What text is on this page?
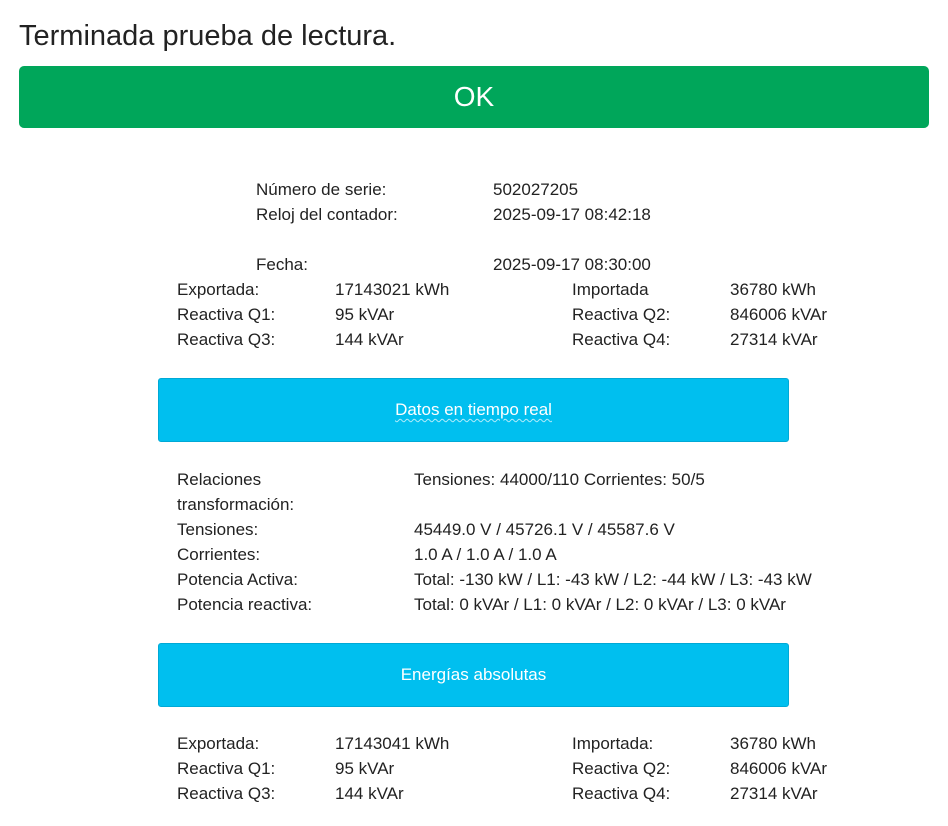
Terminada prueba de lectura.
OK
Número de serie:	502027205
Reloj del contador:	2025-09-17 08:42:18
Fecha:	2025-09-17 08:30:00
Exportada:	17143021 kWh	Importada	36780 kWh
Reactiva Q1:	95 kVAr	Reactiva Q2:	846006 kVAr
Reactiva Q3:	144 kVAr	Reactiva Q4:	27314 kVAr
Datos en tiempo real
Relaciones transformación:
Tensiones: 44000/110 Corrientes: 50/5
Tensiones:	45449.0 V / 45726.1 V / 45587.6 V
Corrientes:	1.0 A / 1.0 A / 1.0 A
Potencia Activa:	Total: -130 kW / L1: -43 kW / L2: -44 kW / L3: -43 kW
Potencia reactiva:	Total: 0 kVAr / L1: 0 kVAr / L2: 0 kVAr / L3: 0 kVAr
Energías absolutas
Exportada:	17143041 kWh	Importada:	36780 kWh
Reactiva Q1:	95 kVAr	Reactiva Q2:	846006 kVAr
Reactiva Q3:	144 kVAr	Reactiva Q4:	27314 kVAr
